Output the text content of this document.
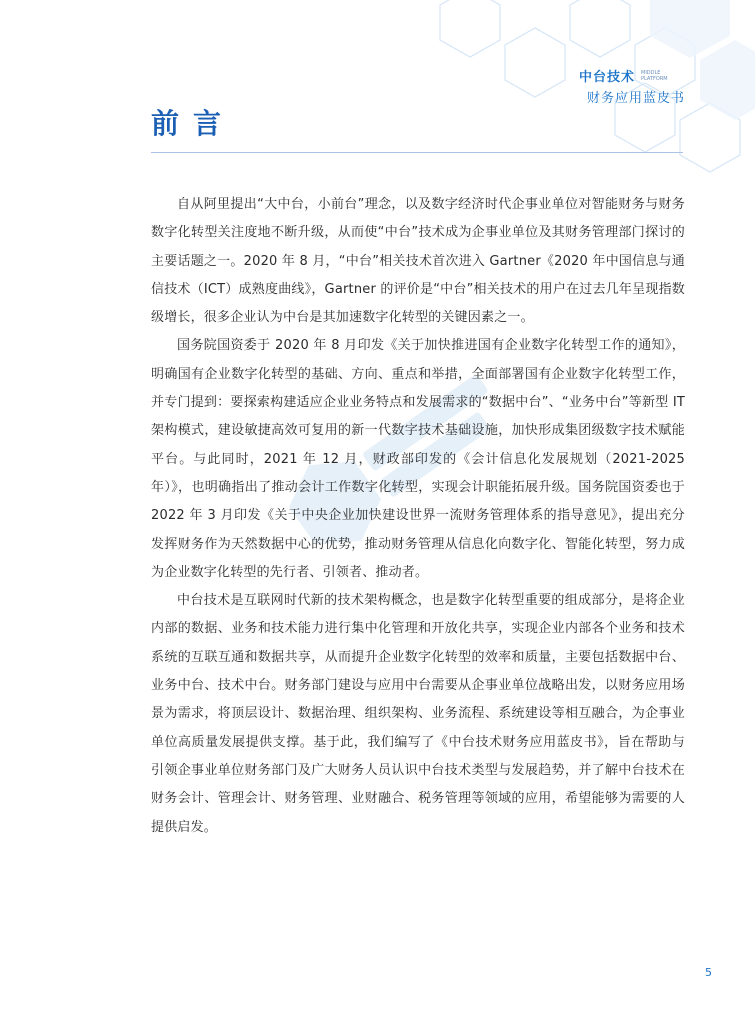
中台技术 MIDDLE
PLATFORM
财务应用蓝皮书
前言

自从阿里提出“大中台，小前台”理念，以及数字经济时代企事业单位对智能财务与财务数字化转型关注度地不断升级，从而使“中台”技术成为企事业单位及其财务管理部门探讨的主要话题之一。2020 年 8 月，“中台”相关技术首次进入 Gartner《2020 年中国信息与通信技术（ICT）成熟度曲线》，Gartner 的评价是“中台”相关技术的用户在过去几年呈现指数级增长，很多企业认为中台是其加速数字化转型的关键因素之一。

国务院国资委于 2020 年 8 月印发《关于加快推进国有企业数字化转型工作的通知》，明确国有企业数字化转型的基础、方向、重点和举措，全面部署国有企业数字化转型工作，并专门提到：要探索构建适应企业业务特点和发展需求的“数据中台”、“业务中台”等新型 IT 架构模式，建设敏捷高效可复用的新一代数字技术基础设施，加快形成集团级数字技术赋能平台。与此同时，2021 年 12 月，财政部印发的《会计信息化发展规划（2021-2025 年）》，也明确指出了推动会计工作数字化转型，实现会计职能拓展升级。国务院国资委也于 2022 年 3 月印发《关于中央企业加快建设世界一流财务管理体系的指导意见》，提出充分发挥财务作为天然数据中心的优势，推动财务管理从信息化向数字化、智能化转型，努力成为企业数字化转型的先行者、引领者、推动者。

中台技术是互联网时代新的技术架构概念，也是数字化转型重要的组成部分，是将企业内部的数据、业务和技术能力进行集中化管理和开放化共享，实现企业内部各个业务和技术系统的互联互通和数据共享，从而提升企业数字化转型的效率和质量，主要包括数据中台、业务中台、技术中台。财务部门建设与应用中台需要从企事业单位战略出发，以财务应用场景为需求，将顶层设计、数据治理、组织架构、业务流程、系统建设等相互融合，为企事业单位高质量发展提供支撑。基于此，我们编写了《中台技术财务应用蓝皮书》，旨在帮助与引领企事业单位财务部门及广大财务人员认识中台技术类型与发展趋势，并了解中台技术在财务会计、管理会计、财务管理、业财融合、税务管理等领域的应用，希望能够为需要的人提供启发。

5
